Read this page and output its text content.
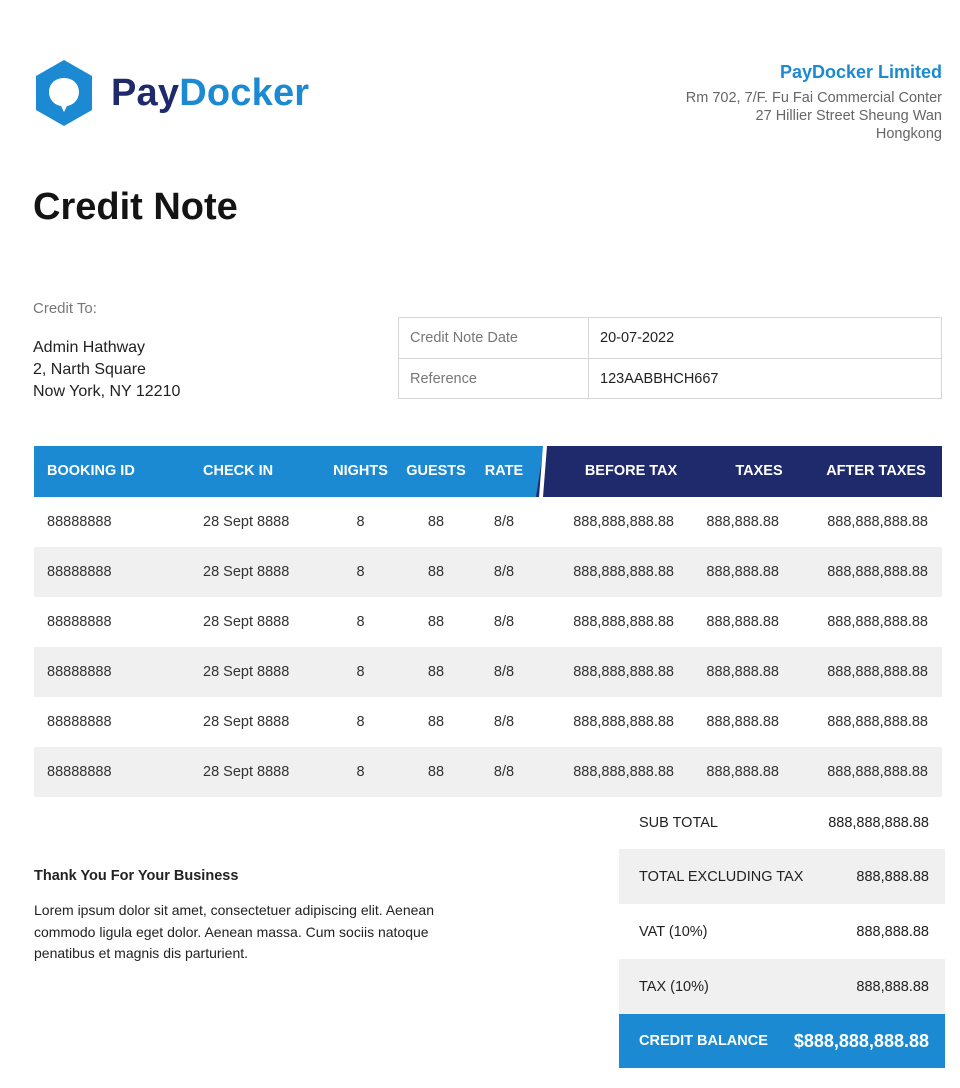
PayDocker	PayDocker Limited
Rm 702, 7/F. Fu Fai Commercial Conter
27 Hillier Street Sheung Wan
Hongkong
Credit Note
Credit To:
Admin Hathway
2, Narth Square
Now York, NY 12210
Credit Note Date	20-07-2022
Reference	123AABBHCH667
BOOKING ID	CHECK IN	NIGHTS	GUESTS	RATE	BEFORE TAX	TAXES	AFTER TAXES
88888888	28 Sept 8888	8	88	8/8	888,888,888.88	888,888.88	888,888,888.88
88888888	28 Sept 8888	8	88	8/8	888,888,888.88	888,888.88	888,888,888.88
88888888	28 Sept 8888	8	88	8/8	888,888,888.88	888,888.88	888,888,888.88
88888888	28 Sept 8888	8	88	8/8	888,888,888.88	888,888.88	888,888,888.88
88888888	28 Sept 8888	8	88	8/8	888,888,888.88	888,888.88	888,888,888.88
88888888	28 Sept 8888	8	88	8/8	888,888,888.88	888,888.88	888,888,888.88
Thank You For Your Business
Lorem ipsum dolor sit amet, consectetuer adipiscing elit. Aenean commodo ligula eget dolor. Aenean massa. Cum sociis natoque penatibus et magnis dis parturient.
SUB TOTAL	888,888,888.88
TOTAL EXCLUDING TAX	888,888.88
VAT (10%)	888,888.88
TAX (10%)	888,888.88
CREDIT BALANCE $888,888,888.88
